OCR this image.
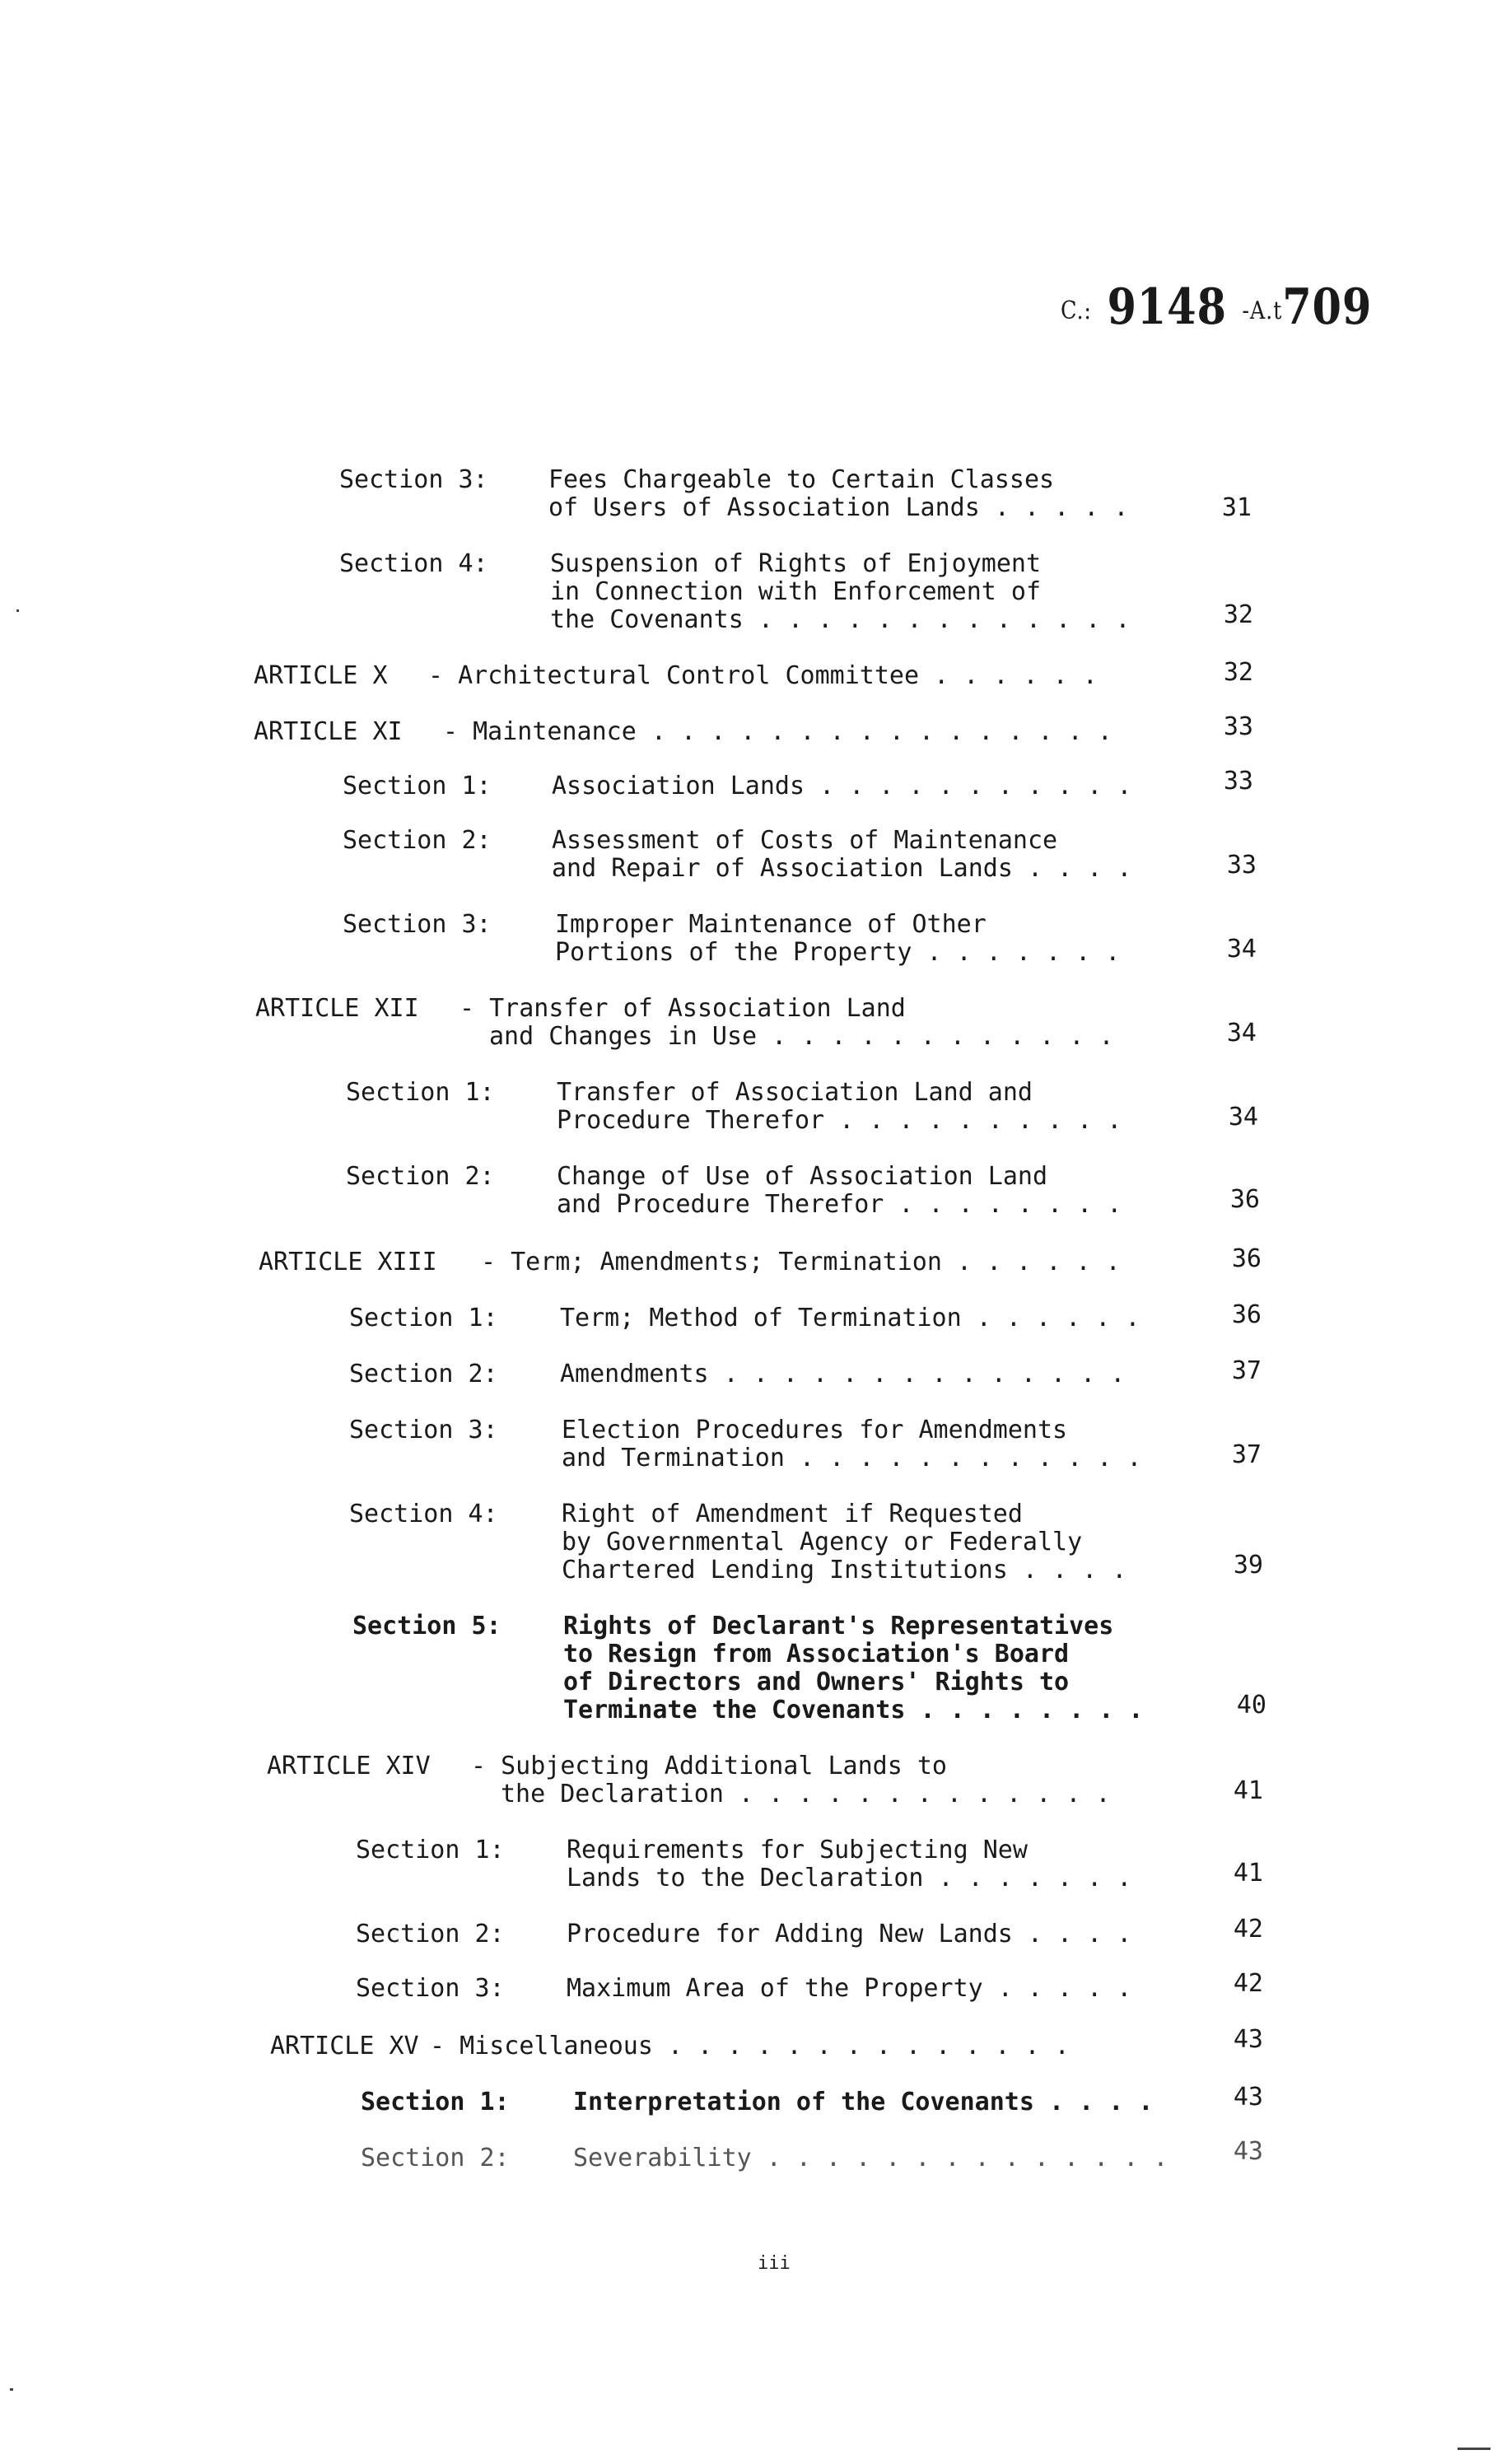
C.: 9148 -A.t709
Section 3: Fees Chargeable to Certain Classes
of Users of Association Lands . . . . .	31
Section 4:	Suspension of Rights of Enjoyment
in Connection with Enforcement of
the Covenants . . . . . . . . . . . . .	32
ARTICLE X - Architectural Control Committee . . . . . .	32
ARTICLE XI - Maintenance . . . . . . . . . . . . . . . .	33
Section 1: Association Lands . . . . . . . . . . .	33
Section 2: Assessment of Costs of Maintenance
and Repair of Association Lands . . . .	33
Section 3:	Improper Maintenance of Other
Portions of the Property . . . . . . .	34
ARTICLE XII - Transfer of Association Land
and Changes in Use . . . . . . . . . . . .	34
Section 1:	Transfer of Association Land and
Procedure Therefor . . . . . . . . . .	34
Section 2:	Change of Use of Association Land
and Procedure Therefor . . . . . . . .	36
ARTICLE XIII - Term; Amendments; Termination . . . . . .	36
Section 1:	Term; Method of Termination . . . . . .	36
Section 2:	Amendments . . . . . . . . . . . . . .	37
Section 3:	Election Procedures for Amendments
and Termination . . . . . . . . . . . .	37
Section 4:	Right of Amendment if Requested
by Governmental Agency or Federally
Chartered Lending Institutions . . . .	39
Section 5:	Rights of Declarant's Representatives
to Resign from Association's Board
of Directors and Owners' Rights to
Terminate the Covenants . . . . . . . .	40
ARTICLE XIV - Subjecting Additional Lands to
the Declaration . . . . . . . . . . . . .	41
Section 1:	Requirements for Subjecting New
Lands to the Declaration . . . . . . .	41
Section 2:	Procedure for Adding New Lands . . . .	42
Section 3:	Maximum Area of the Property . . . . .	42
ARTICLE XV - Miscellaneous . . . . . . . . . . . . . .	43
Section 1:	Interpretation of the Covenants . . . .	43
Section 2:	Severability . . . . . . . . . . . . . .	43
iii
